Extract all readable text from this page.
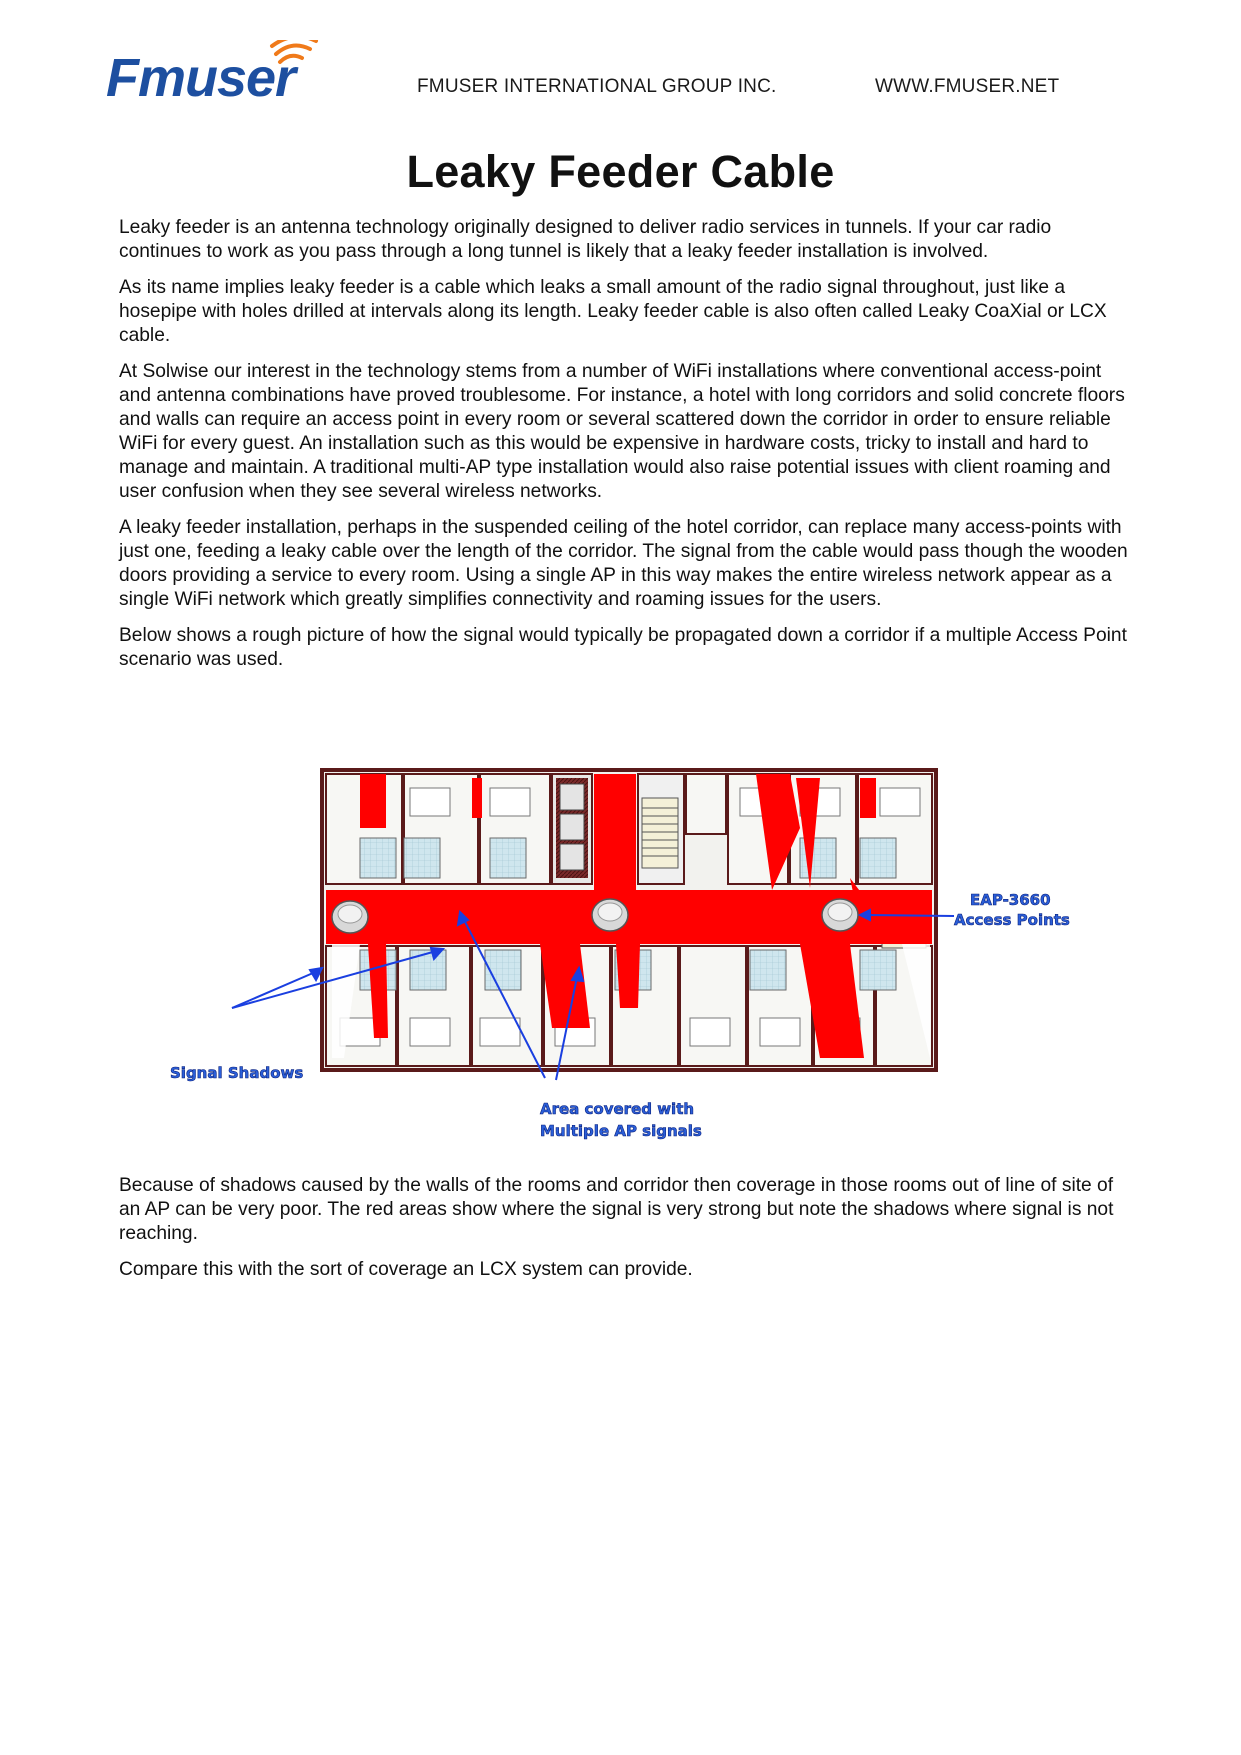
Fmuser	FMUSER INTERNATIONAL GROUP INC.	WWW.FMUSER.NET
Leaky Feeder Cable

Leaky feeder is an antenna technology originally designed to deliver radio services in tunnels. If your car radio continues to work as you pass through a long tunnel is likely that a leaky feeder installation is involved.

As its name implies leaky feeder is a cable which leaks a small amount of the radio signal throughout, just like a hosepipe with holes drilled at intervals along its length. Leaky feeder cable is also often called Leaky CoaXial or LCX cable.

At Solwise our interest in the technology stems from a number of WiFi installations where conventional access-point and antenna combinations have proved troublesome. For instance, a hotel with long corridors and solid concrete floors and walls can require an access point in every room or several scattered down the corridor in order to ensure reliable WiFi for every guest. An installation such as this would be expensive in hardware costs, tricky to install and hard to manage and maintain. A traditional multi-AP type installation would also raise potential issues with client roaming and user confusion when they see several wireless networks.

A leaky feeder installation, perhaps in the suspended ceiling of the hotel corridor, can replace many access-points with just one, feeding a leaky cable over the length of the corridor. The signal from the cable would pass though the wooden doors providing a service to every room. Using a single AP in this way makes the entire wireless network appear as a single WiFi network which greatly simplifies connectivity and roaming issues for the users.

Below shows a rough picture of how the signal would typically be propagated down a corridor if a multiple Access Point scenario was used.

EAP-3660
Access Points
Signal Shadows
Area covered with
Multiple AP signals

Because of shadows caused by the walls of the rooms and corridor then coverage in those rooms out of line of site of an AP can be very poor. The red areas show where the signal is very strong but note the shadows where signal is not reaching.

Compare this with the sort of coverage an LCX system can provide.
